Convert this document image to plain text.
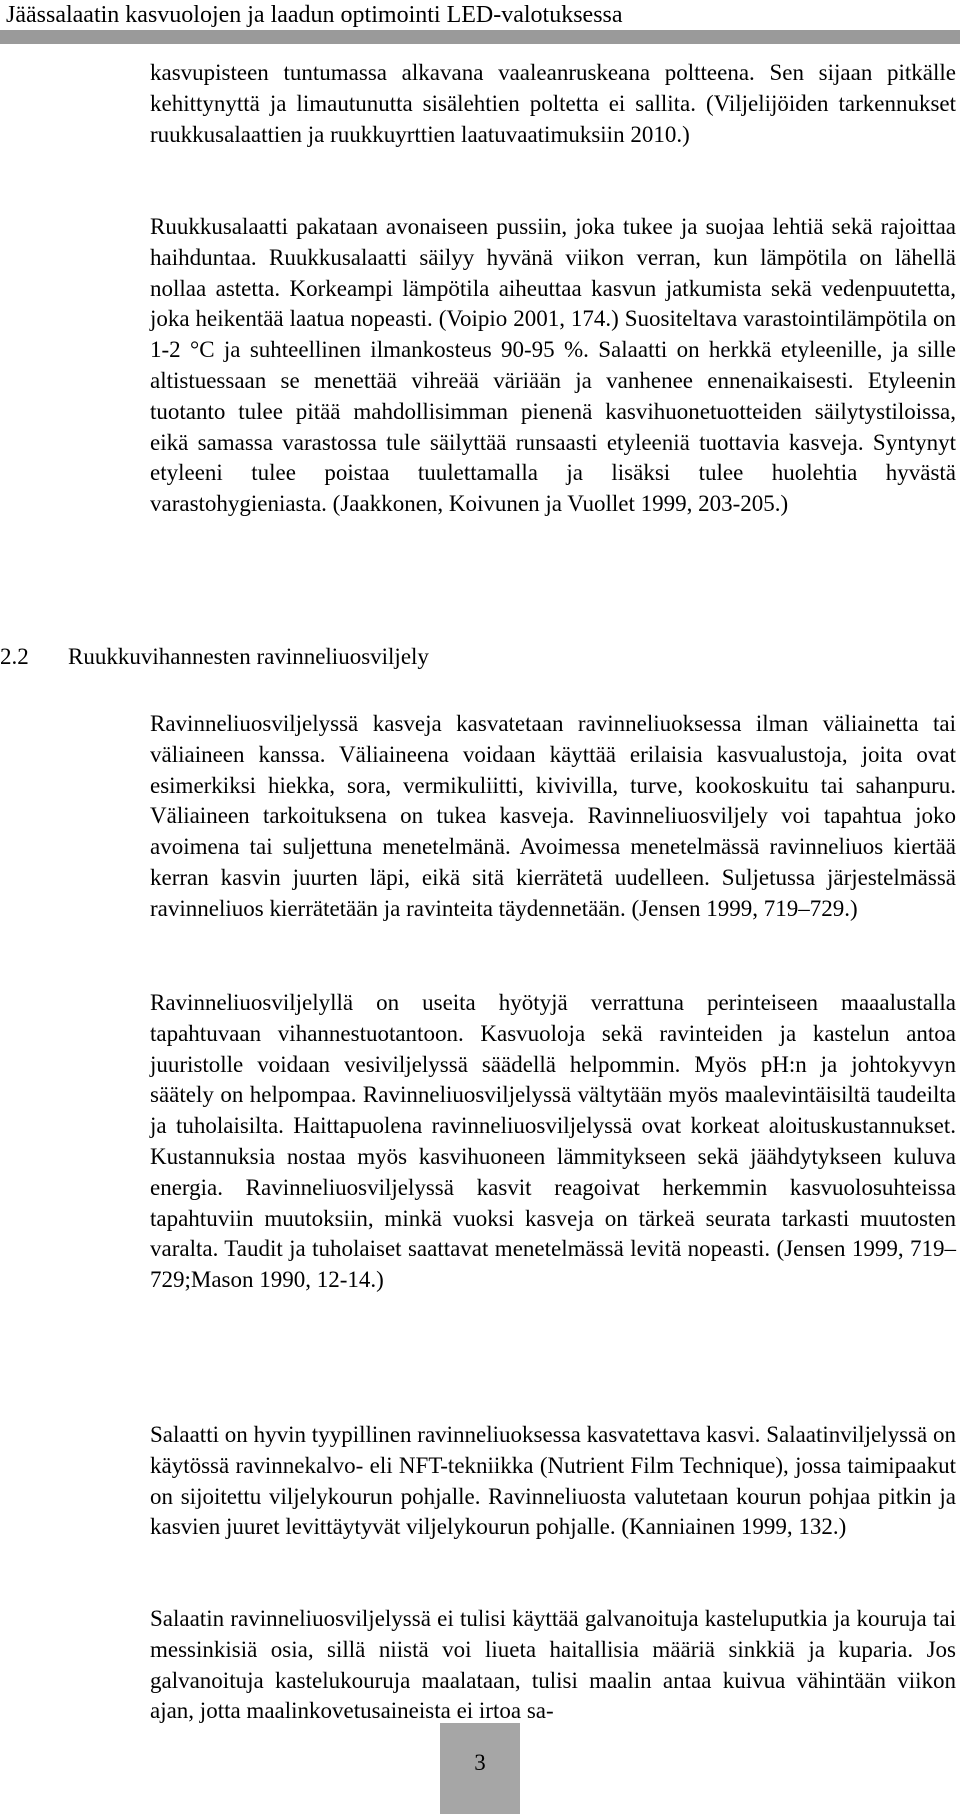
Jäässalaatin kasvuolojen ja laadun optimointi LED-valotuksessa

kasvupisteen tuntumassa alkavana vaaleanruskeana poltteena. Sen sijaan pitkälle kehittynyttä ja limautunutta sisälehtien poltetta ei sallita. (Viljelijöiden tarkennukset ruukkusalaattien ja ruukkuyrttien laatuvaatimuksiin 2010.)

Ruukkusalaatti pakataan avonaiseen pussiin, joka tukee ja suojaa lehtiä sekä rajoittaa haihduntaa. Ruukkusalaatti säilyy hyvänä viikon verran, kun lämpötila on lähellä nollaa astetta. Korkeampi lämpötila aiheuttaa kasvun jatkumista sekä vedenpuutetta, joka heikentää laatua nopeasti. (Voipio 2001, 174.) Suositeltava varastointilämpötila on 1-2 °C ja suhteellinen ilmankosteus 90-95 %. Salaatti on herkkä etyleenille, ja sille altistuessaan se menettää vihreää väriään ja vanhenee ennenaikaisesti. Etyleenin tuotanto tulee pitää mahdollisimman pienenä kasvihuonetuotteiden säilytystiloissa, eikä samassa varastossa tule säilyttää runsaasti etyleeniä tuottavia kasveja. Syntynyt etyleeni tulee poistaa tuulettamalla ja lisäksi tulee huolehtia hyvästä varastohygieniasta. (Jaakkonen, Koivunen ja Vuollet 1999, 203-205.)

2.2 Ruukkuvihannesten ravinneliuosviljely

Ravinneliuosviljelyssä kasveja kasvatetaan ravinneliuoksessa ilman väliainetta tai väliaineen kanssa. Väliaineena voidaan käyttää erilaisia kasvualustoja, joita ovat esimerkiksi hiekka, sora, vermikuliitti, kivivilla, turve, kookoskuitu tai sahanpuru. Väliaineen tarkoituksena on tukea kasveja. Ravinneliuosviljely voi tapahtua joko avoimena tai suljettuna menetelmänä. Avoimessa menetelmässä ravinneliuos kiertää kerran kasvin juurten läpi, eikä sitä kierrätetä uudelleen. Suljetussa järjestelmässä ravinneliuos kierrätetään ja ravinteita täydennetään. (Jensen 1999, 719–729.)

Ravinneliuosviljelyllä on useita hyötyjä verrattuna perinteiseen maaalustalla tapahtuvaan vihannestuotantoon. Kasvuoloja sekä ravinteiden ja kastelun antoa juuristolle voidaan vesiviljelyssä säädellä helpommin. Myös pH:n ja johtokyvyn säätely on helpompaa. Ravinneliuosviljelyssä vältytään myös maalevintäisiltä taudeilta ja tuholaisilta. Haittapuolena ravinneliuosviljelyssä ovat korkeat aloituskustannukset. Kustannuksia nostaa myös kasvihuoneen lämmitykseen sekä jäähdytykseen kuluva energia. Ravinneliuosviljelyssä kasvit reagoivat herkemmin kasvuolosuhteissa tapahtuviin muutoksiin, minkä vuoksi kasveja on tärkeä seurata tarkasti muutosten varalta. Taudit ja tuholaiset saattavat menetelmässä levitä nopeasti. (Jensen 1999, 719–729;Mason 1990, 12-14.)

Salaatti on hyvin tyypillinen ravinneliuoksessa kasvatettava kasvi. Salaatinviljelyssä on käytössä ravinnekalvo- eli NFT-tekniikka (Nutrient Film Technique), jossa taimipaakut on sijoitettu viljelykourun pohjalle. Ravinneliuosta valutetaan kourun pohjaa pitkin ja kasvien juuret levittäytyvät viljelykourun pohjalle. (Kanniainen 1999, 132.)

Salaatin ravinneliuosviljelyssä ei tulisi käyttää galvanoituja kasteluputkia ja kouruja tai messinkisiä osia, sillä niistä voi liueta haitallisia määriä sinkkiä ja kuparia. Jos galvanoituja kastelukouruja maalataan, tulisi maalin antaa kuivua vähintään viikon ajan, jotta maalinkovetusaineista ei irtoa sa-

3
